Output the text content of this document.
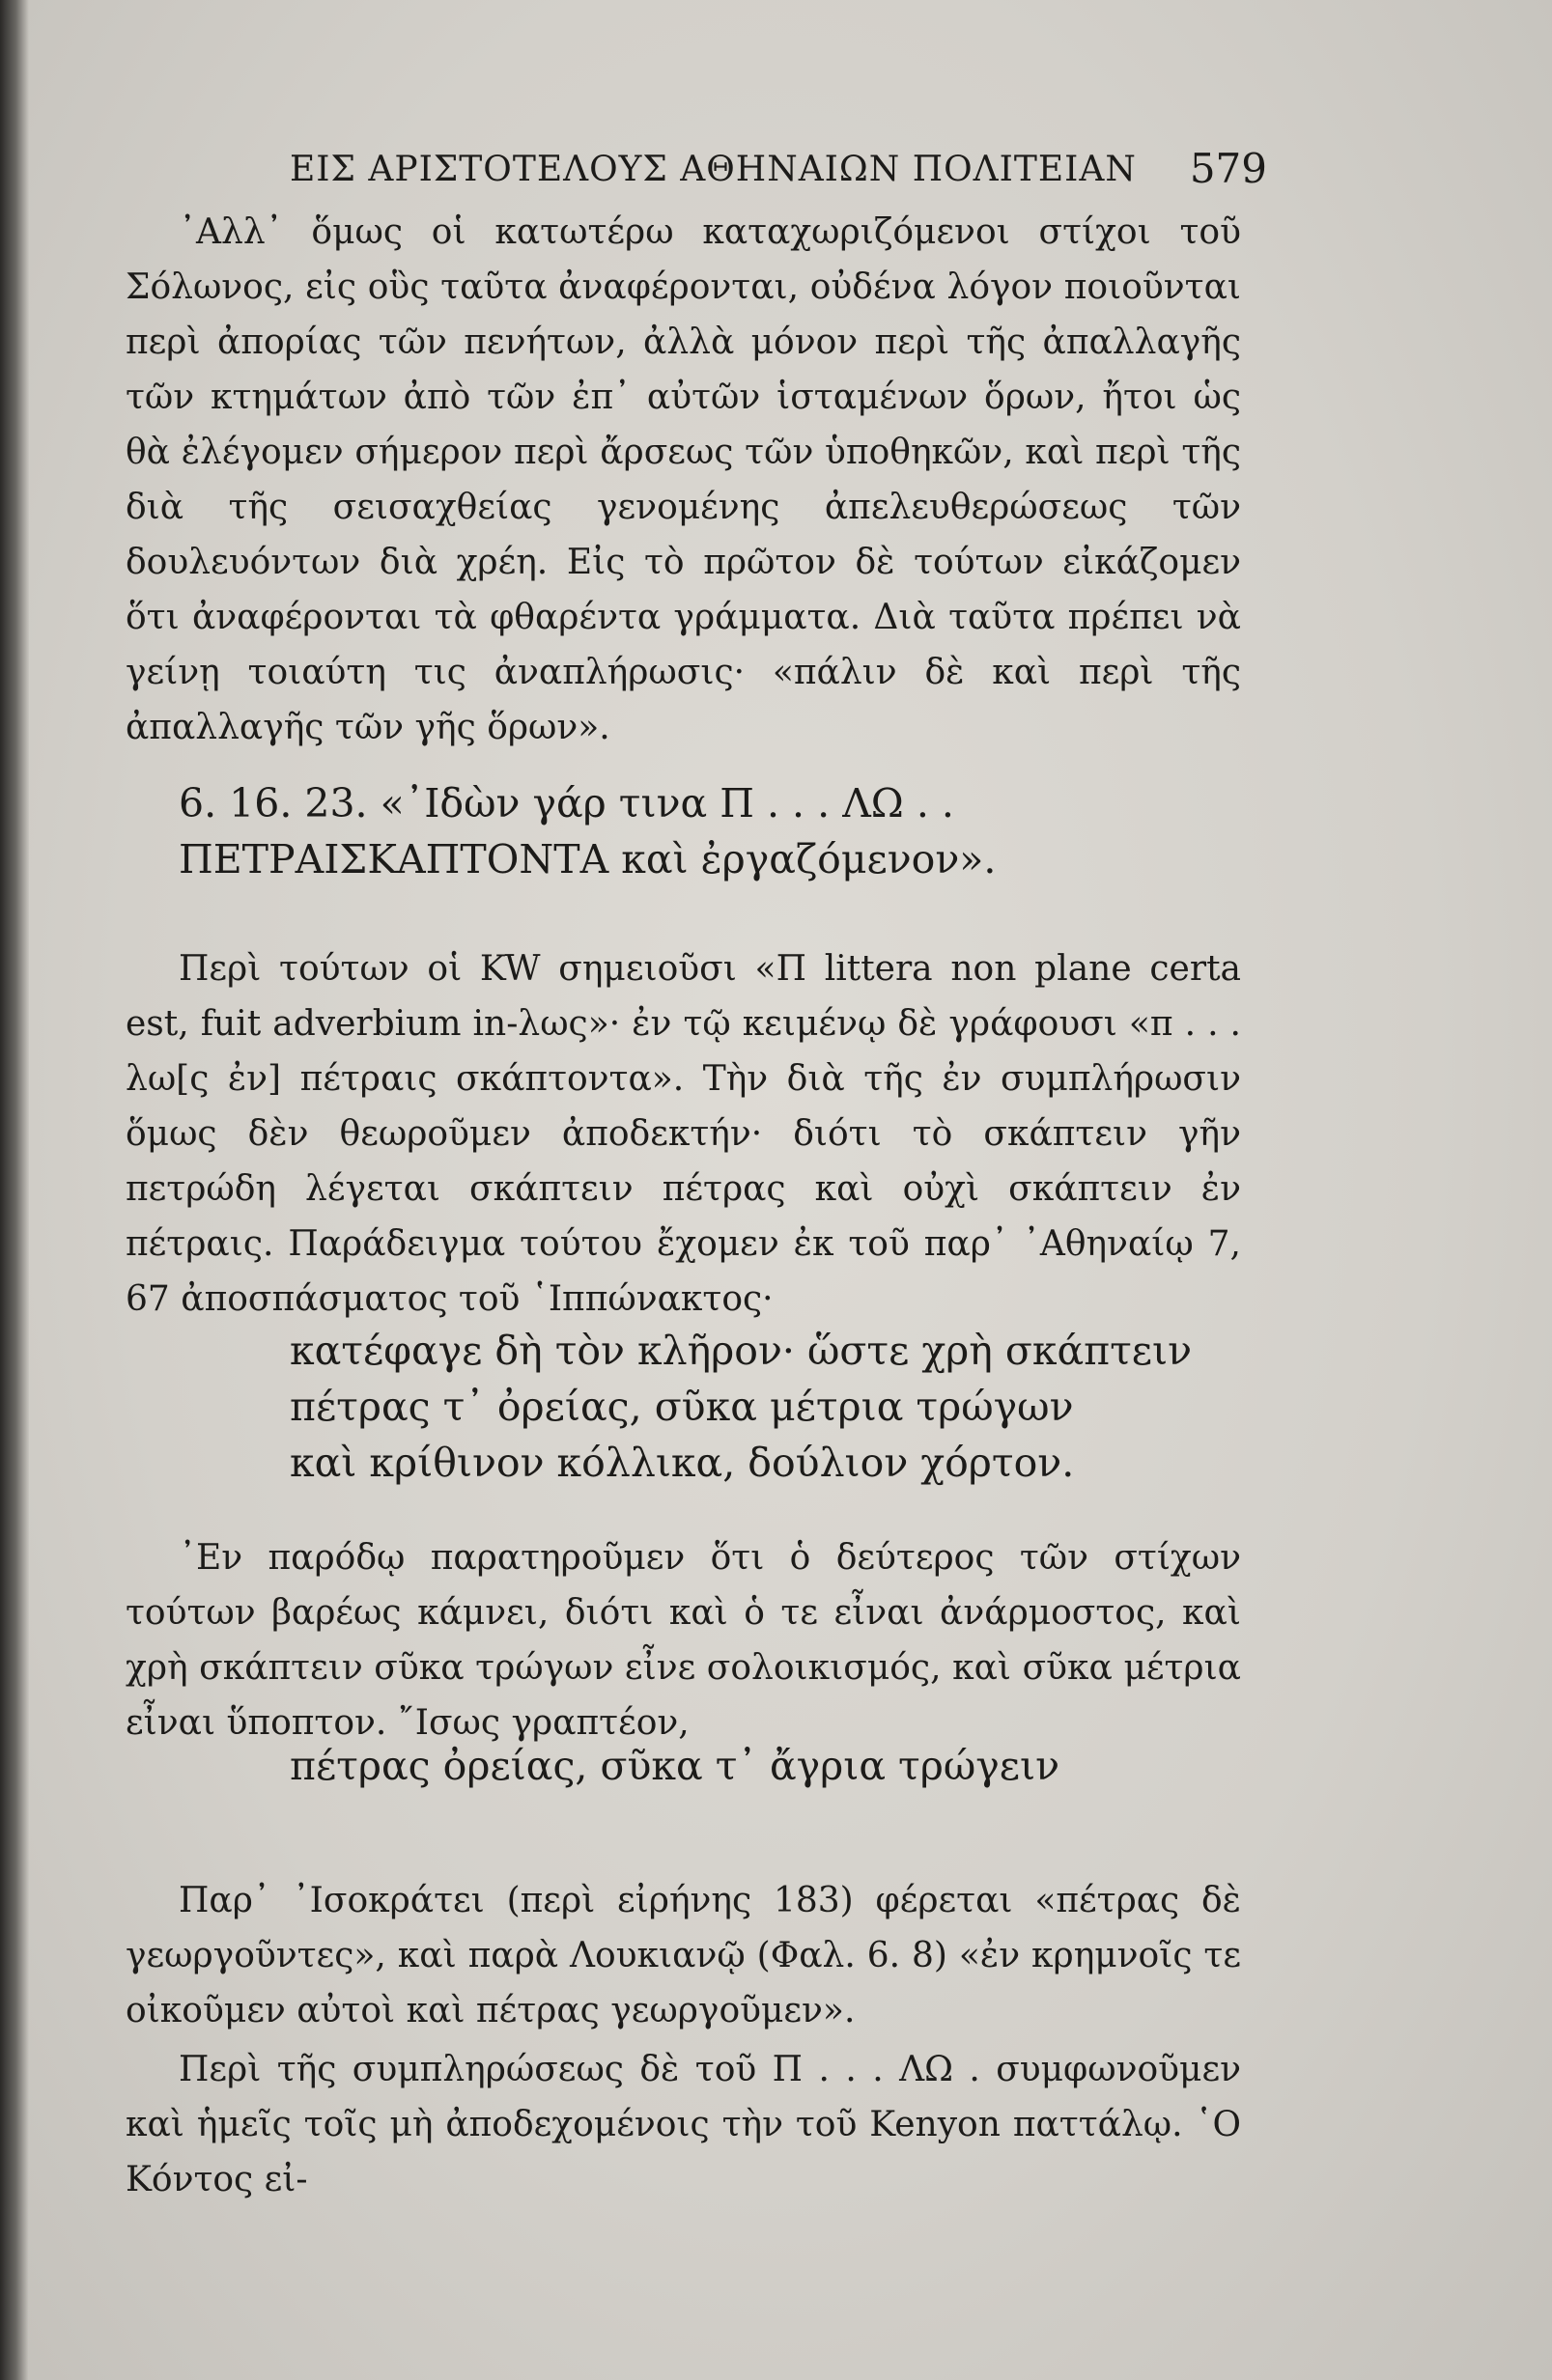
ΕΙΣ ΑΡΙΣΤΟΤΕΛΟΥΣ ΑΘΗΝΑΙΩΝ ΠΟΛΙΤΕΙΑΝ	579

᾿Αλλ᾿ ὅμως οἱ κατωτέρω καταχωριζόμενοι στίχοι τοῦ Σόλωνος, εἰς οὓς ταῦτα ἀναφέρονται, οὐδένα λόγον ποιοῦνται περὶ ἀπορίας τῶν πενήτων, ἀλλὰ μόνον περὶ τῆς ἀπαλλαγῆς τῶν κτημάτων ἀπὸ τῶν ἐπ᾿ αὐτῶν ἱσταμένων ὅρων, ἤτοι ὡς θὰ ἐλέγομεν σήμερον περὶ ἄρσεως τῶν ὑποθηκῶν, καὶ περὶ τῆς διὰ τῆς σεισαχθείας γενομένης ἀπελευθερώσεως τῶν δουλευόντων διὰ χρέη. Εἰς τὸ πρῶτον δὲ τούτων εἰκάζομεν ὅτι ἀναφέρονται τὰ φθαρέντα γράμματα. Διὰ ταῦτα πρέπει νὰ γείνῃ τοιαύτη τις ἀναπλήρωσις· «πάλιν δὲ καὶ περὶ τῆς ἀπαλλαγῆς τῶν γῆς ὅρων».

6. 16. 23. «᾿Ιδὼν γάρ τινα Π . . . ΛΩ . . ΠΕΤΡΑΙΣΚΑΠΤΟΝΤΑ καὶ ἐργαζόμενον».

Περὶ τούτων οἱ KW σημειοῦσι «Π littera non plane certa est, fuit adverbium in-λως»· ἐν τῷ κειμένῳ δὲ γράφουσι «π . . . λω[ς ἐν] πέτραις σκάπτοντα». Τὴν διὰ τῆς ἐν συμπλήρωσιν ὅμως δὲν θεωροῦμεν ἀποδεκτήν· διότι τὸ σκάπτειν γῆν πετρώδη λέγεται σκάπτειν πέτρας καὶ οὐχὶ σκάπτειν ἐν πέτραις. Παράδειγμα τούτου ἔχομεν ἐκ τοῦ παρ᾿ ᾿Αθηναίῳ 7, 67 ἀποσπάσματος τοῦ ῾Ιππώνακτος·

κατέφαγε δὴ τὸν κλῆρον· ὥστε χρὴ σκάπτειν
πέτρας τ᾿ ὀρείας, σῦκα μέτρια τρώγων
καὶ κρίθινον κόλλικα, δούλιον χόρτον.

᾿Εν παρόδῳ παρατηροῦμεν ὅτι ὁ δεύτερος τῶν στίχων τούτων βαρέως κάμνει, διότι καὶ ὁ τε εἶναι ἀνάρμοστος, καὶ χρὴ σκάπτειν σῦκα τρώγων εἶνε σολοικισμός, καὶ σῦκα μέτρια εἶναι ὕποπτον. ῎Ισως γραπτέον,

πέτρας ὀρείας, σῦκα τ᾿ ἄγρια τρώγειν

Παρ᾿ ᾿Ισοκράτει (περὶ εἰρήνης 183) φέρεται «πέτρας δὲ γεωργοῦντες», καὶ παρὰ Λουκιανῷ (Φαλ. 6. 8) «ἐν κρημνοῖς τε οἰκοῦμεν αὐτοὶ καὶ πέτρας γεωργοῦμεν».

Περὶ τῆς συμπληρώσεως δὲ τοῦ Π . . . ΛΩ . συμφωνοῦμεν καὶ ἡμεῖς τοῖς μὴ ἀποδεχομένοις τὴν τοῦ Kenyon παττάλῳ. ῾Ο Κόντος εἰ-
